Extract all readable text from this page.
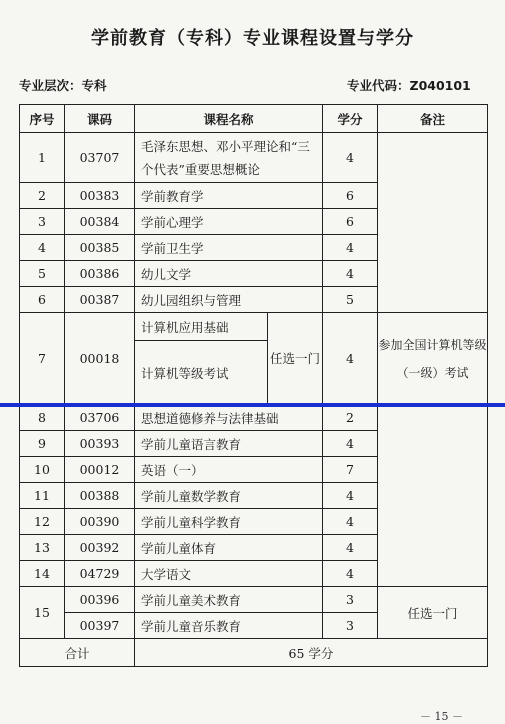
学前教育（专科）专业课程设置与学分
专业层次：专科	专业代码：Z040101
序号	课码	课程名称		学分	备注
1	03707	毛泽东思想、邓小平理论和“三个代表”重要思想概论		4	
2	00383	学前教育学		6	
3	00384	学前心理学		6	
4	00385	学前卫生学		4	
5	00386	幼儿文学		4	
6	00387	幼儿园组织与管理		5	
7	00018	计算机应用基础	任选一门	4	参加全国计算机等级（一级）考试
		计算机等级考试			
8	03706	思想道德修养与法律基础		2	
9	00393	学前儿童语言教育		4	
10	00012	英语（一）		7	
11	00388	学前儿童数学教育		4	
12	00390	学前儿童科学教育		4	
13	00392	学前儿童体育		4	
14	04729	大学语文		4	
15	00396	学前儿童美术教育		3	任选一门
	00397	学前儿童音乐教育		3	
合计		65 学分			
－ 15 －
